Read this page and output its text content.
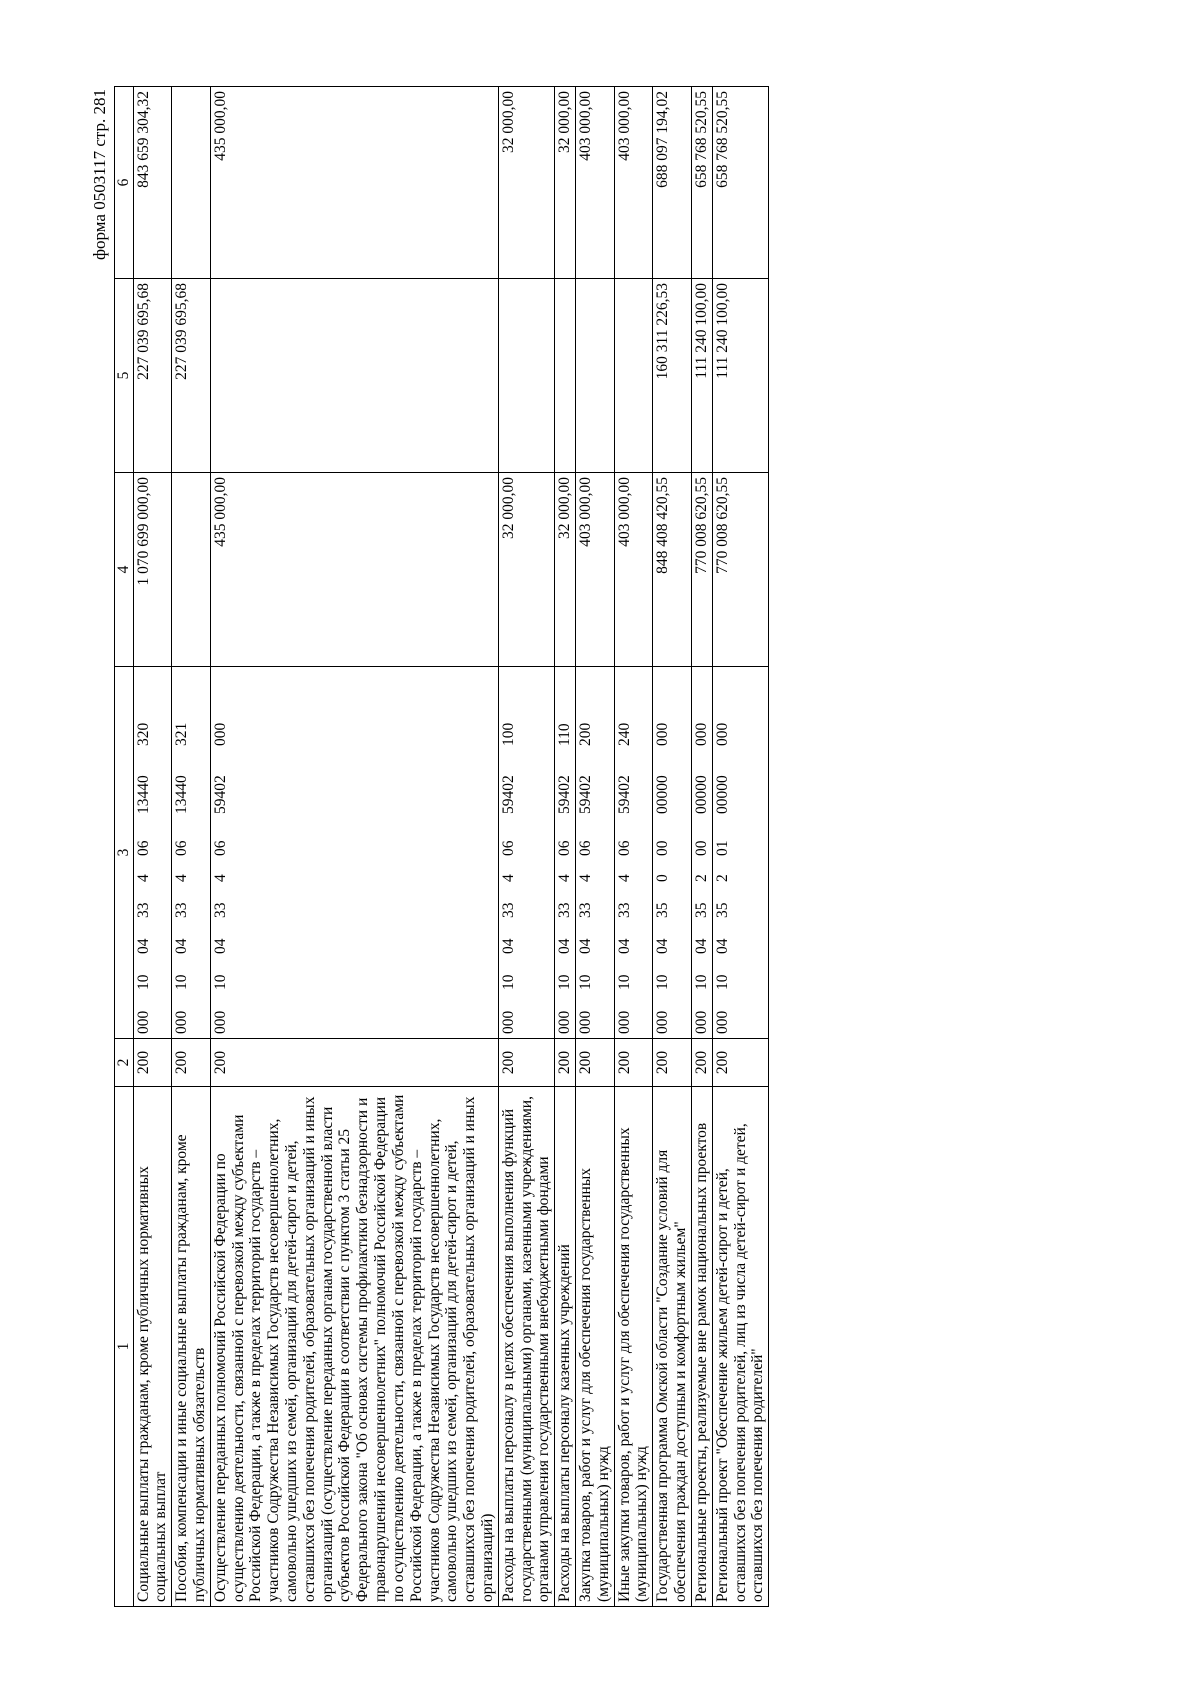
форма 0503117 стр. 281
1	2	3	4	5	6
Социальные выплаты гражданам, кроме публичных нормативных социальных выплат	200	00010043340613440320	1 070 699 000,00	227 039 695,68	843 659 304,32
Пособия, компенсации и иные социальные выплаты гражданам, кроме публичных нормативных обязательств	200	00010043340613440321		227 039 695,68	
Осуществление переданных полномочий Российской Федерации по осуществлению деятельности, связанной с перевозкой между субъектами Российской Федерации, а также в пределах территорий государств – участников Содружества Независимых Государств несовершеннолетних, самовольно ушедших из семей, организаций для детей-сирот и детей, оставшихся без попечения родителей, образовательных организаций и иных организаций (осуществление переданных органам государственной власти субъектов Российской Федерации в соответствии с пунктом 3 статьи 25 Федерального закона "Об основах системы профилактики безнадзорности и правонарушений несовершеннолетних" полномочий Российской Федерации по осуществлению деятельности, связанной с перевозкой между субъектами Российской Федерации, а также в пределах территорий государств – участников Содружества Независимых Государств несовершеннолетних, самовольно ушедших из семей, организаций для детей-сирот и детей, оставшихся без попечения родителей, образовательных организаций и иных организаций)	200	00010043340659402000	435 000,00		435 000,00
Расходы на выплаты персоналу в целях обеспечения выполнения функций государственными (муниципальными) органами, казенными учреждениями, органами управления государственными внебюджетными фондами	200	00010043340659402100	32 000,00		32 000,00
Расходы на выплаты персоналу казенных учреждений	200	00010043340659402110	32 000,00		32 000,00
Закупка товаров, работ и услуг для обеспечения государственных (муниципальных) нужд	200	00010043340659402200	403 000,00		403 000,00
Иные закупки товаров, работ и услуг для обеспечения государственных (муниципальных) нужд	200	00010043340659402240	403 000,00		403 000,00
Государственная программа Омской области "Создание условий для обеспечения граждан доступным и комфортным жильем"	200	00010043500000000000	848 408 420,55	160 311 226,53	688 097 194,02
Региональные проекты, реализуемые вне рамок национальных проектов	200	00010043520000000000	770 008 620,55	111 240 100,00	658 768 520,55
Региональный проект "Обеспечение жильем детей-сирот и детей, оставшихся без попечения родителей, лиц из числа детей-сирот и детей, оставшихся без попечения родителей"	200	00010043520100000000	770 008 620,55	111 240 100,00	658 768 520,55
